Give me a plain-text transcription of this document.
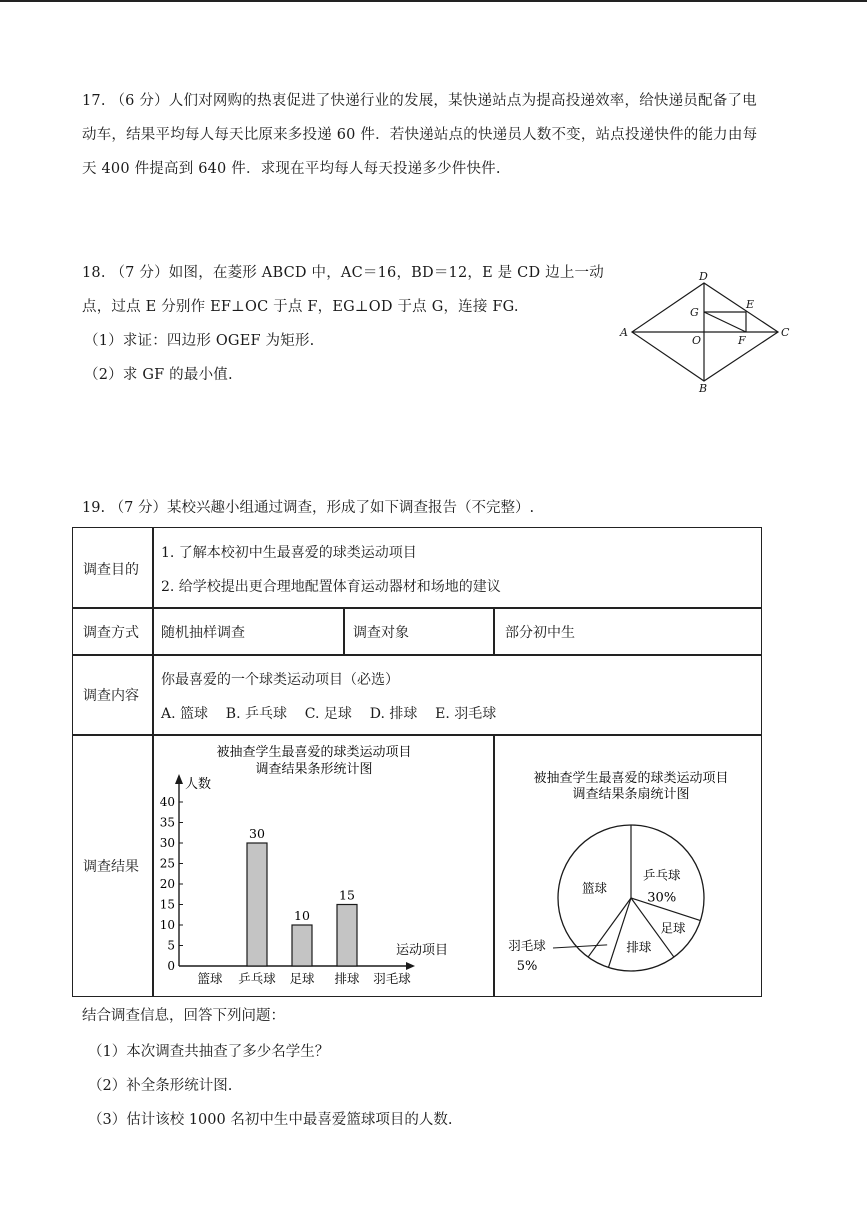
17. （6 分）人们对网购的热衷促进了快递行业的发展，某快递站点为提高投递效率，给快递员配备了电
动车，结果平均每人每天比原来多投递 60 件．若快递站点的快递员人数不变，站点投递快件的能力由每
天 400 件提高到 640 件．求现在平均每人每天投递多少件快件.
18. （7 分）如图，在菱形 ABCD 中，AC＝16，BD＝12，E 是 CD 边上一动
点，过点 E 分别作 EF⊥OC 于点 F，EG⊥OD 于点 G，连接 FG.
（1）求证：四边形 OGEF 为矩形.
（2）求 GF 的最小值.
A
D
C
B
E
F
G
O
19. （7 分）某校兴趣小组通过调查，形成了如下调查报告（不完整）.
调查目的
1. 了解本校初中生最喜爱的球类运动项目
2. 给学校提出更合理地配置体育运动器材和场地的建议
调查方式 随机抽样调查	调查对象	部分初中生
调查内容
你最喜爱的一个球类运动项目（必选）
A. 篮球    B. 乒乓球    C. 足球    D. 排球    E. 羽毛球
调查结果
被抽查学生最喜爱的球类运动项目
调查结果条形统计图
人数
运动项目
0
5
10
15
20
25
30
35
40
篮球 乒乓球 足球 排球 羽毛球
30
10
15
被抽查学生最喜爱的球类运动项目
调查结果条扇统计图
乒乓球
30%
足球
排球
羽毛球
5%
篮球
结合调查信息，回答下列问题：
（1）本次调查共抽查了多少名学生？
（2）补全条形统计图.
（3）估计该校 1000 名初中生中最喜爱篮球项目的人数.
